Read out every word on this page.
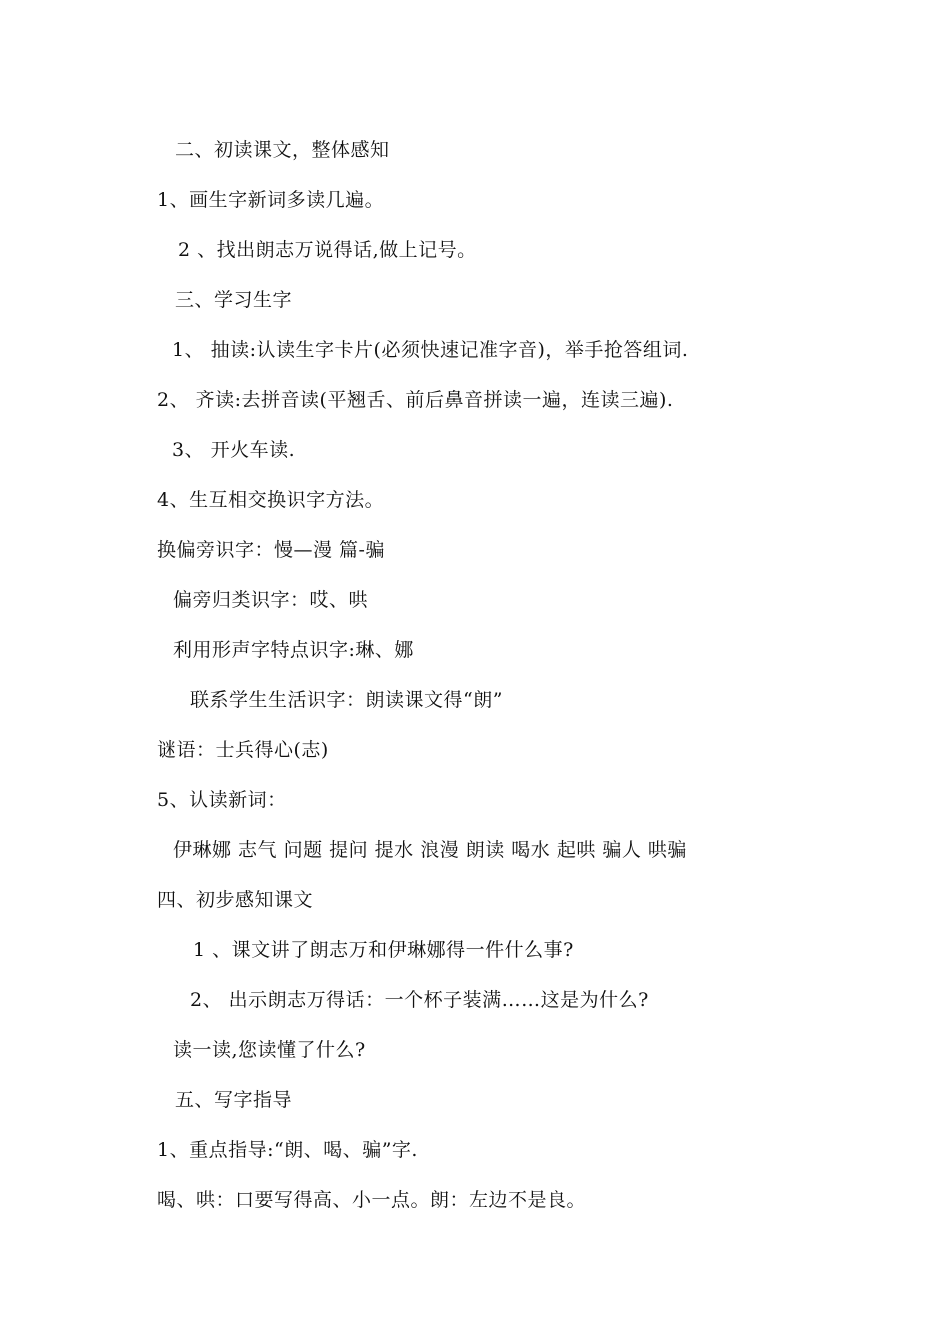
二、初读课文，整体感知
1、画生字新词多读几遍。
2 、找出朗志万说得话,做上记号。
三、学习生字
1、 抽读:认读生字卡片(必须快速记准字音)，举手抢答组词.
2、 齐读:去拼音读(平翘舌、前后鼻音拼读一遍，连读三遍).
3、 开火车读.
4、生互相交换识字方法。
换偏旁识字：慢—漫 篇-骗
偏旁归类识字：哎、哄
利用形声字特点识字:琳、娜
联系学生生活识字：朗读课文得“朗”
谜语：士兵得心(志)
5、认读新词：
伊琳娜 志气 问题 提问 提水 浪漫 朗读 喝水 起哄 骗人 哄骗
四、初步感知课文
1 、课文讲了朗志万和伊琳娜得一件什么事?
2、 出示朗志万得话：一个杯子装满……这是为什么?
读一读,您读懂了什么?
五、写字指导
1、重点指导:“朗、喝、骗”字.
喝、哄：口要写得高、小一点。朗：左边不是良。
